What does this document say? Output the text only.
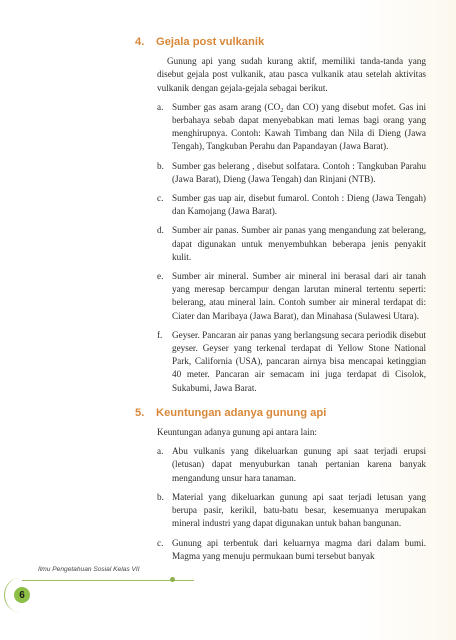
4.	Gejala post vulkanik

Gunung api yang sudah kurang aktif, memiliki tanda-tanda yang disebut gejala post vulkanik, atau pasca vulkanik atau setelah aktivitas vulkanik dengan gejala-gejala sebagai berikut.

a. Sumber gas asam arang ($CO_2$ dan CO) yang disebut mofet. Gas ini berbahaya sebab dapat menyebabkan mati lemas bagi orang yang menghirupnya. Contoh: Kawah Timbang dan Nila di Dieng (Jawa Tengah), Tangkuban Perahu dan Papandayan (Jawa Barat).
b. Sumber gas belerang , disebut solfatara. Contoh : Tangkuban Parahu (Jawa Barat), Dieng (Jawa Tengah) dan Rinjani (NTB).
c. Sumber gas uap air, disebut fumarol. Contoh : Dieng (Jawa Tengah) dan Kamojang (Jawa Barat).
d. Sumber air panas. Sumber air panas yang mengandung zat belerang, dapat digunakan untuk menyembuhkan beberapa jenis penyakit kulit.
e. Sumber air mineral. Sumber air mineral ini berasal dari air tanah yang meresap bercampur dengan larutan mineral tertentu seperti: belerang, atau mineral lain. Contoh sumber air mineral terdapat di: Ciater dan Maribaya (Jawa Barat), dan Minahasa (Sulawesi Utara).
f.	Geyser. Pancaran air panas yang berlangsung secara periodik disebut geyser. Geyser yang terkenal terdapat di Yellow Stone National Park, California (USA), pancaran airnya bisa mencapai ketinggian 40 meter. Pancaran air semacam ini juga terdapat di Cisolok, Sukabumi, Jawa Barat.
5.	Keuntungan adanya gunung api

Keuntungan adanya gunung api antara lain:

a. Abu vulkanis yang dikeluarkan gunung api saat terjadi erupsi (letusan) dapat menyuburkan tanah pertanian karena banyak mengandung unsur hara tanaman.
b. Material yang dikeluarkan gunung api saat terjadi letusan yang berupa pasir, kerikil, batu-batu besar, kesemuanya merupakan mineral industri yang dapat digunakan untuk bahan bangunan.
c. Gunung api terbentuk dari keluarnya magma dari dalam bumi. Magma yang menuju permukaan bumi tersebut banyak
Ilmu Pengetahuan Sosial Kelas VII
6
